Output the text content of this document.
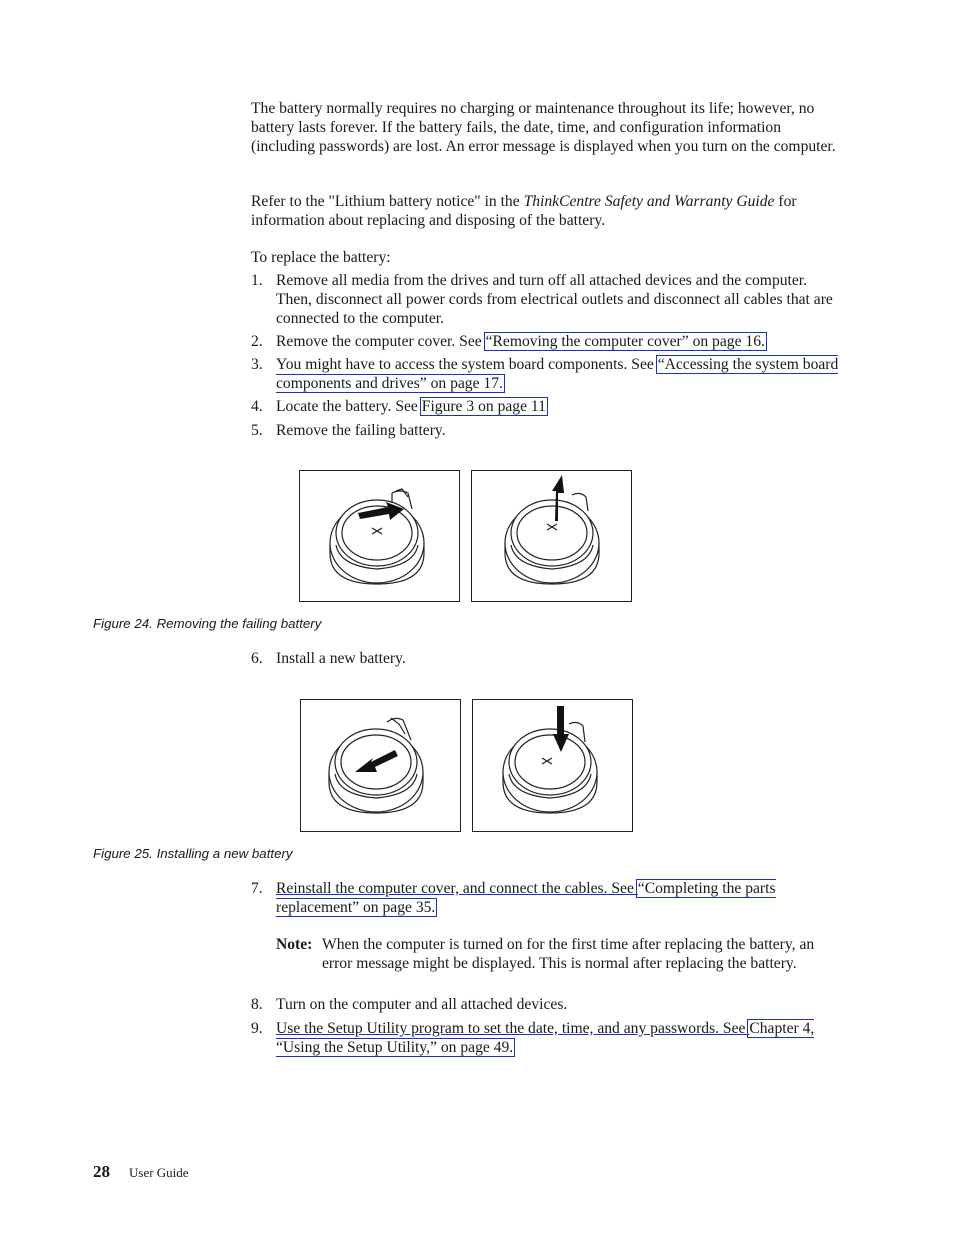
The battery normally requires no charging or maintenance throughout its life; however, no battery lasts forever. If the battery fails, the date, time, and configuration information (including passwords) are lost. An error message is displayed when you turn on the computer.

Refer to the "Lithium battery notice" in the ThinkCentre Safety and Warranty Guide for information about replacing and disposing of the battery.

To replace the battery:

1. Remove all media from the drives and turn off all attached devices and the computer. Then, disconnect all power cords from electrical outlets and disconnect all cables that are connected to the computer.
2. Remove the computer cover. See “Removing the computer cover” on page 16.
3. You might have to access the system board components. See “Accessing the system board components and drives” on page 17.
4. Locate the battery. See Figure 3 on page 11
5. Remove the failing battery.
Figure 24. Removing the failing battery
6. Install a new battery.
Figure 25. Installing a new battery
7. Reinstall the computer cover, and connect the cables. See “Completing the parts replacement” on page 35.
Note: When the computer is turned on for the first time after replacing the battery, an error message might be displayed. This is normal after replacing the battery.
8. Turn on the computer and all attached devices.
9. Use the Setup Utility program to set the date, time, and any passwords. See Chapter 4, “Using the Setup Utility,” on page 49.
28 User Guide
